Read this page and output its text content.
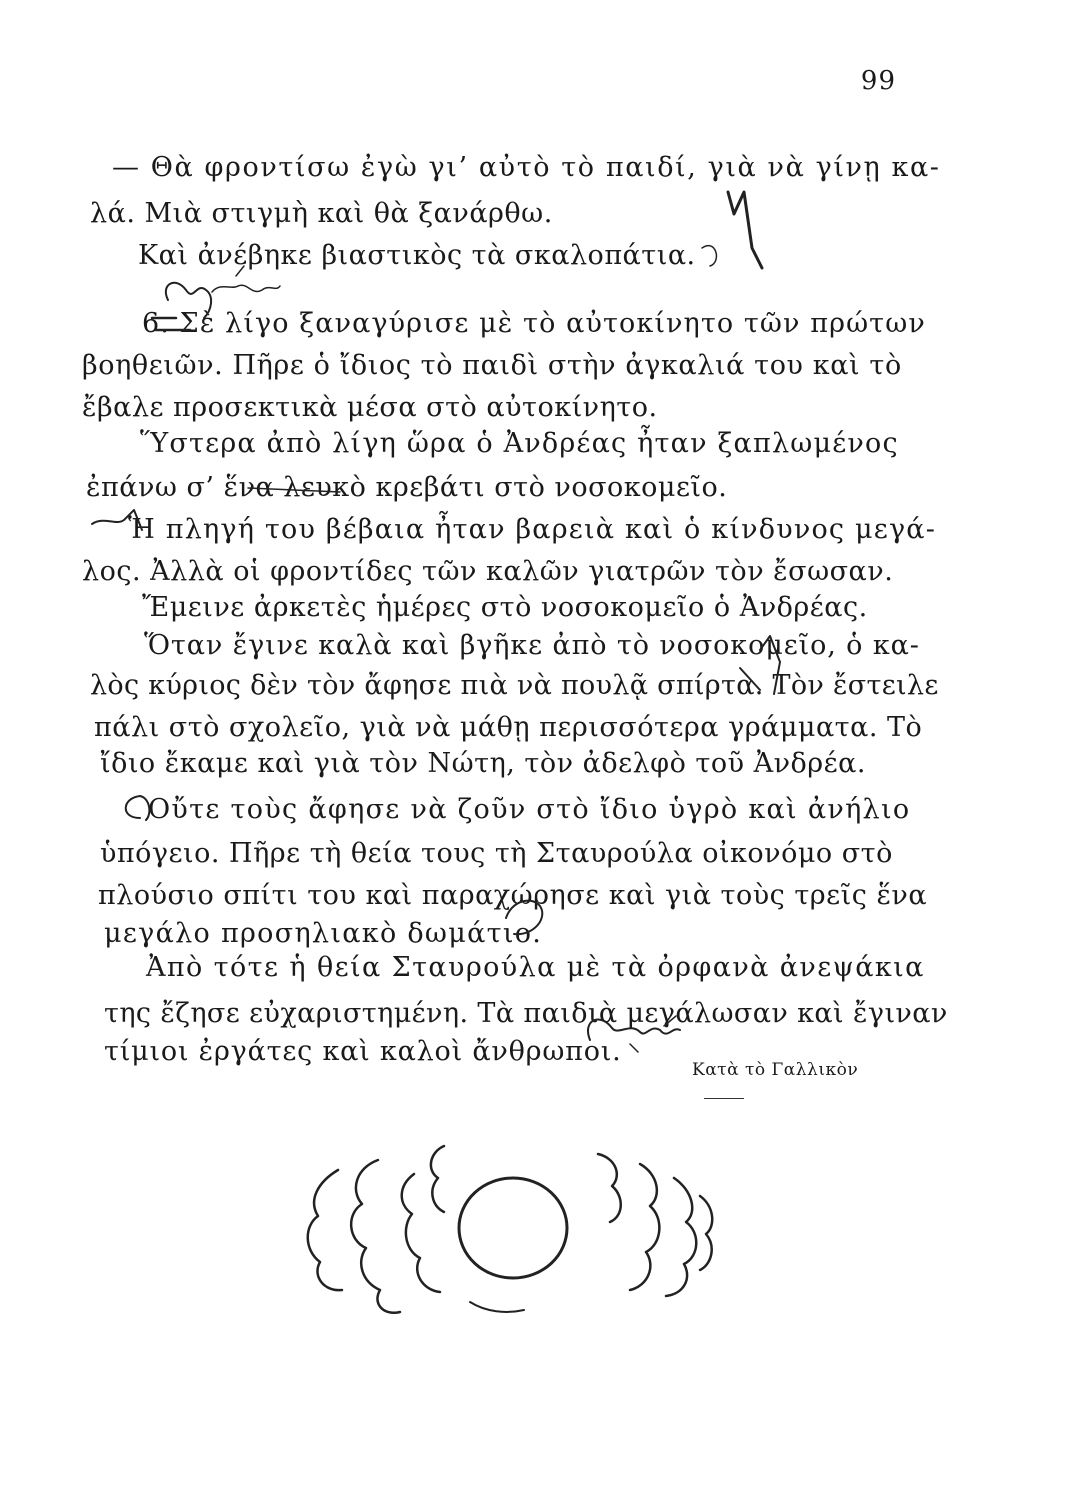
99
— Θὰ φροντίσω ἐγὼ γι’ αὐτὸ τὸ παιδί, γιὰ νὰ γίνῃ κα-
λά. Μιὰ στιγμὴ καὶ θὰ ξανάρθω.
Καὶ ἀνέβηκε βιαστικὸς τὰ σκαλοπάτια.
6. Σὲ λίγο ξαναγύρισε μὲ τὸ αὐτοκίνητο τῶν πρώτων
βοηθειῶν. Πῆρε ὁ ἴδιος τὸ παιδὶ στὴν ἀγκαλιά του καὶ τὸ
ἔβαλε προσεκτικὰ μέσα στὸ αὐτοκίνητο.
Ὕστερα ἀπὸ λίγη ὥρα ὁ Ἀνδρέας ἦταν ξαπλωμένος
ἐπάνω σ’ ἕνα λευκὸ κρεβάτι στὸ νοσοκομεῖο.
Ἡ πληγή του βέβαια ἦταν βαρειὰ καὶ ὁ κίνδυνος μεγά-
λος. Ἀλλὰ οἱ φροντίδες τῶν καλῶν γιατρῶν τὸν ἔσωσαν.
Ἔμεινε ἀρκετὲς ἡμέρες στὸ νοσοκομεῖο ὁ Ἀνδρέας.
Ὅταν ἔγινε καλὰ καὶ βγῆκε ἀπὸ τὸ νοσοκομεῖο, ὁ κα-
λὸς κύριος δὲν τὸν ἄφησε πιὰ νὰ πουλᾷ σπίρτα. Τὸν ἔστειλε
πάλι στὸ σχολεῖο, γιὰ νὰ μάθῃ περισσότερα γράμματα. Τὸ
ἴδιο ἔκαμε καὶ γιὰ τὸν Νώτη, τὸν ἀδελφὸ τοῦ Ἀνδρέα.
Οὔτε τοὺς ἄφησε νὰ ζοῦν στὸ ἴδιο ὑγρὸ καὶ ἀνήλιο
ὑπόγειο. Πῆρε τὴ θεία τους τὴ Σταυρούλα οἰκονόμο στὸ
πλούσιο σπίτι του καὶ παραχώρησε καὶ γιὰ τοὺς τρεῖς ἕνα
μεγάλο προσηλιακὸ δωμάτιο.
Ἀπὸ τότε ἡ θεία Σταυρούλα μὲ τὰ ὀρφανὰ ἀνεψάκια
της ἔζησε εὐχαριστημένη. Τὰ παιδιὰ μεγάλωσαν καὶ ἔγιναν
τίμιοι ἐργάτες καὶ καλοὶ ἄνθρωποι.
Κατὰ τὸ Γαλλικὸν
